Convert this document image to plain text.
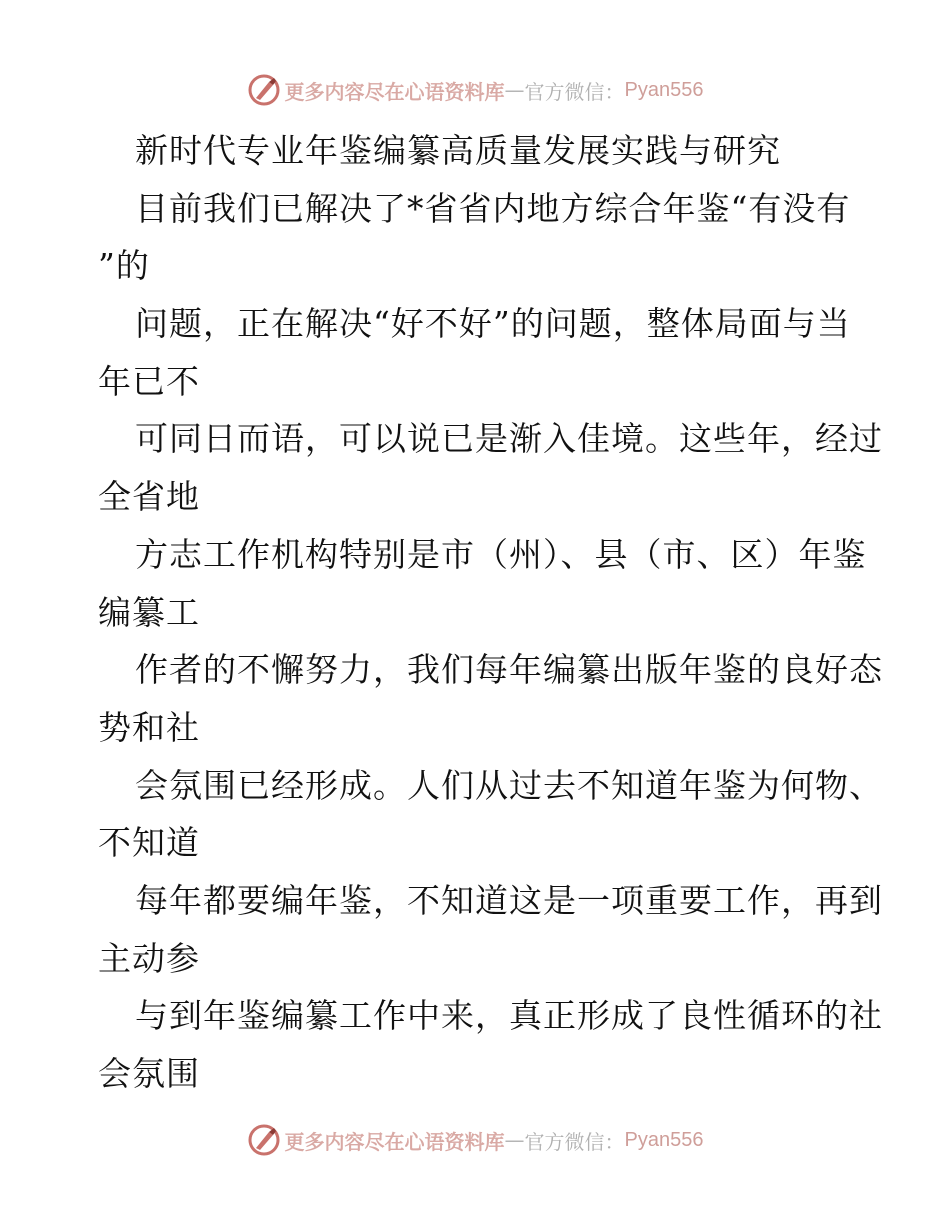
更多内容尽在心语资料库 — 官方微信： Pyan556
新时代专业年鉴编纂高质量发展实践与研究
目前我们已解决了*省省内地方综合年鉴“有没有
”的
问题，正在解决“好不好”的问题，整体局面与当
年已不
可同日而语，可以说已是渐入佳境。这些年，经过
全省地
方志工作机构特别是市（州）、县（市、区）年鉴
编纂工
作者的不懈努力，我们每年编纂出版年鉴的良好态
势和社
会氛围已经形成。人们从过去不知道年鉴为何物、
不知道
每年都要编年鉴，不知道这是一项重要工作，再到
主动参
与到年鉴编纂工作中来，真正形成了良性循环的社
会氛围
更多内容尽在心语资料库 — 官方微信： Pyan556
